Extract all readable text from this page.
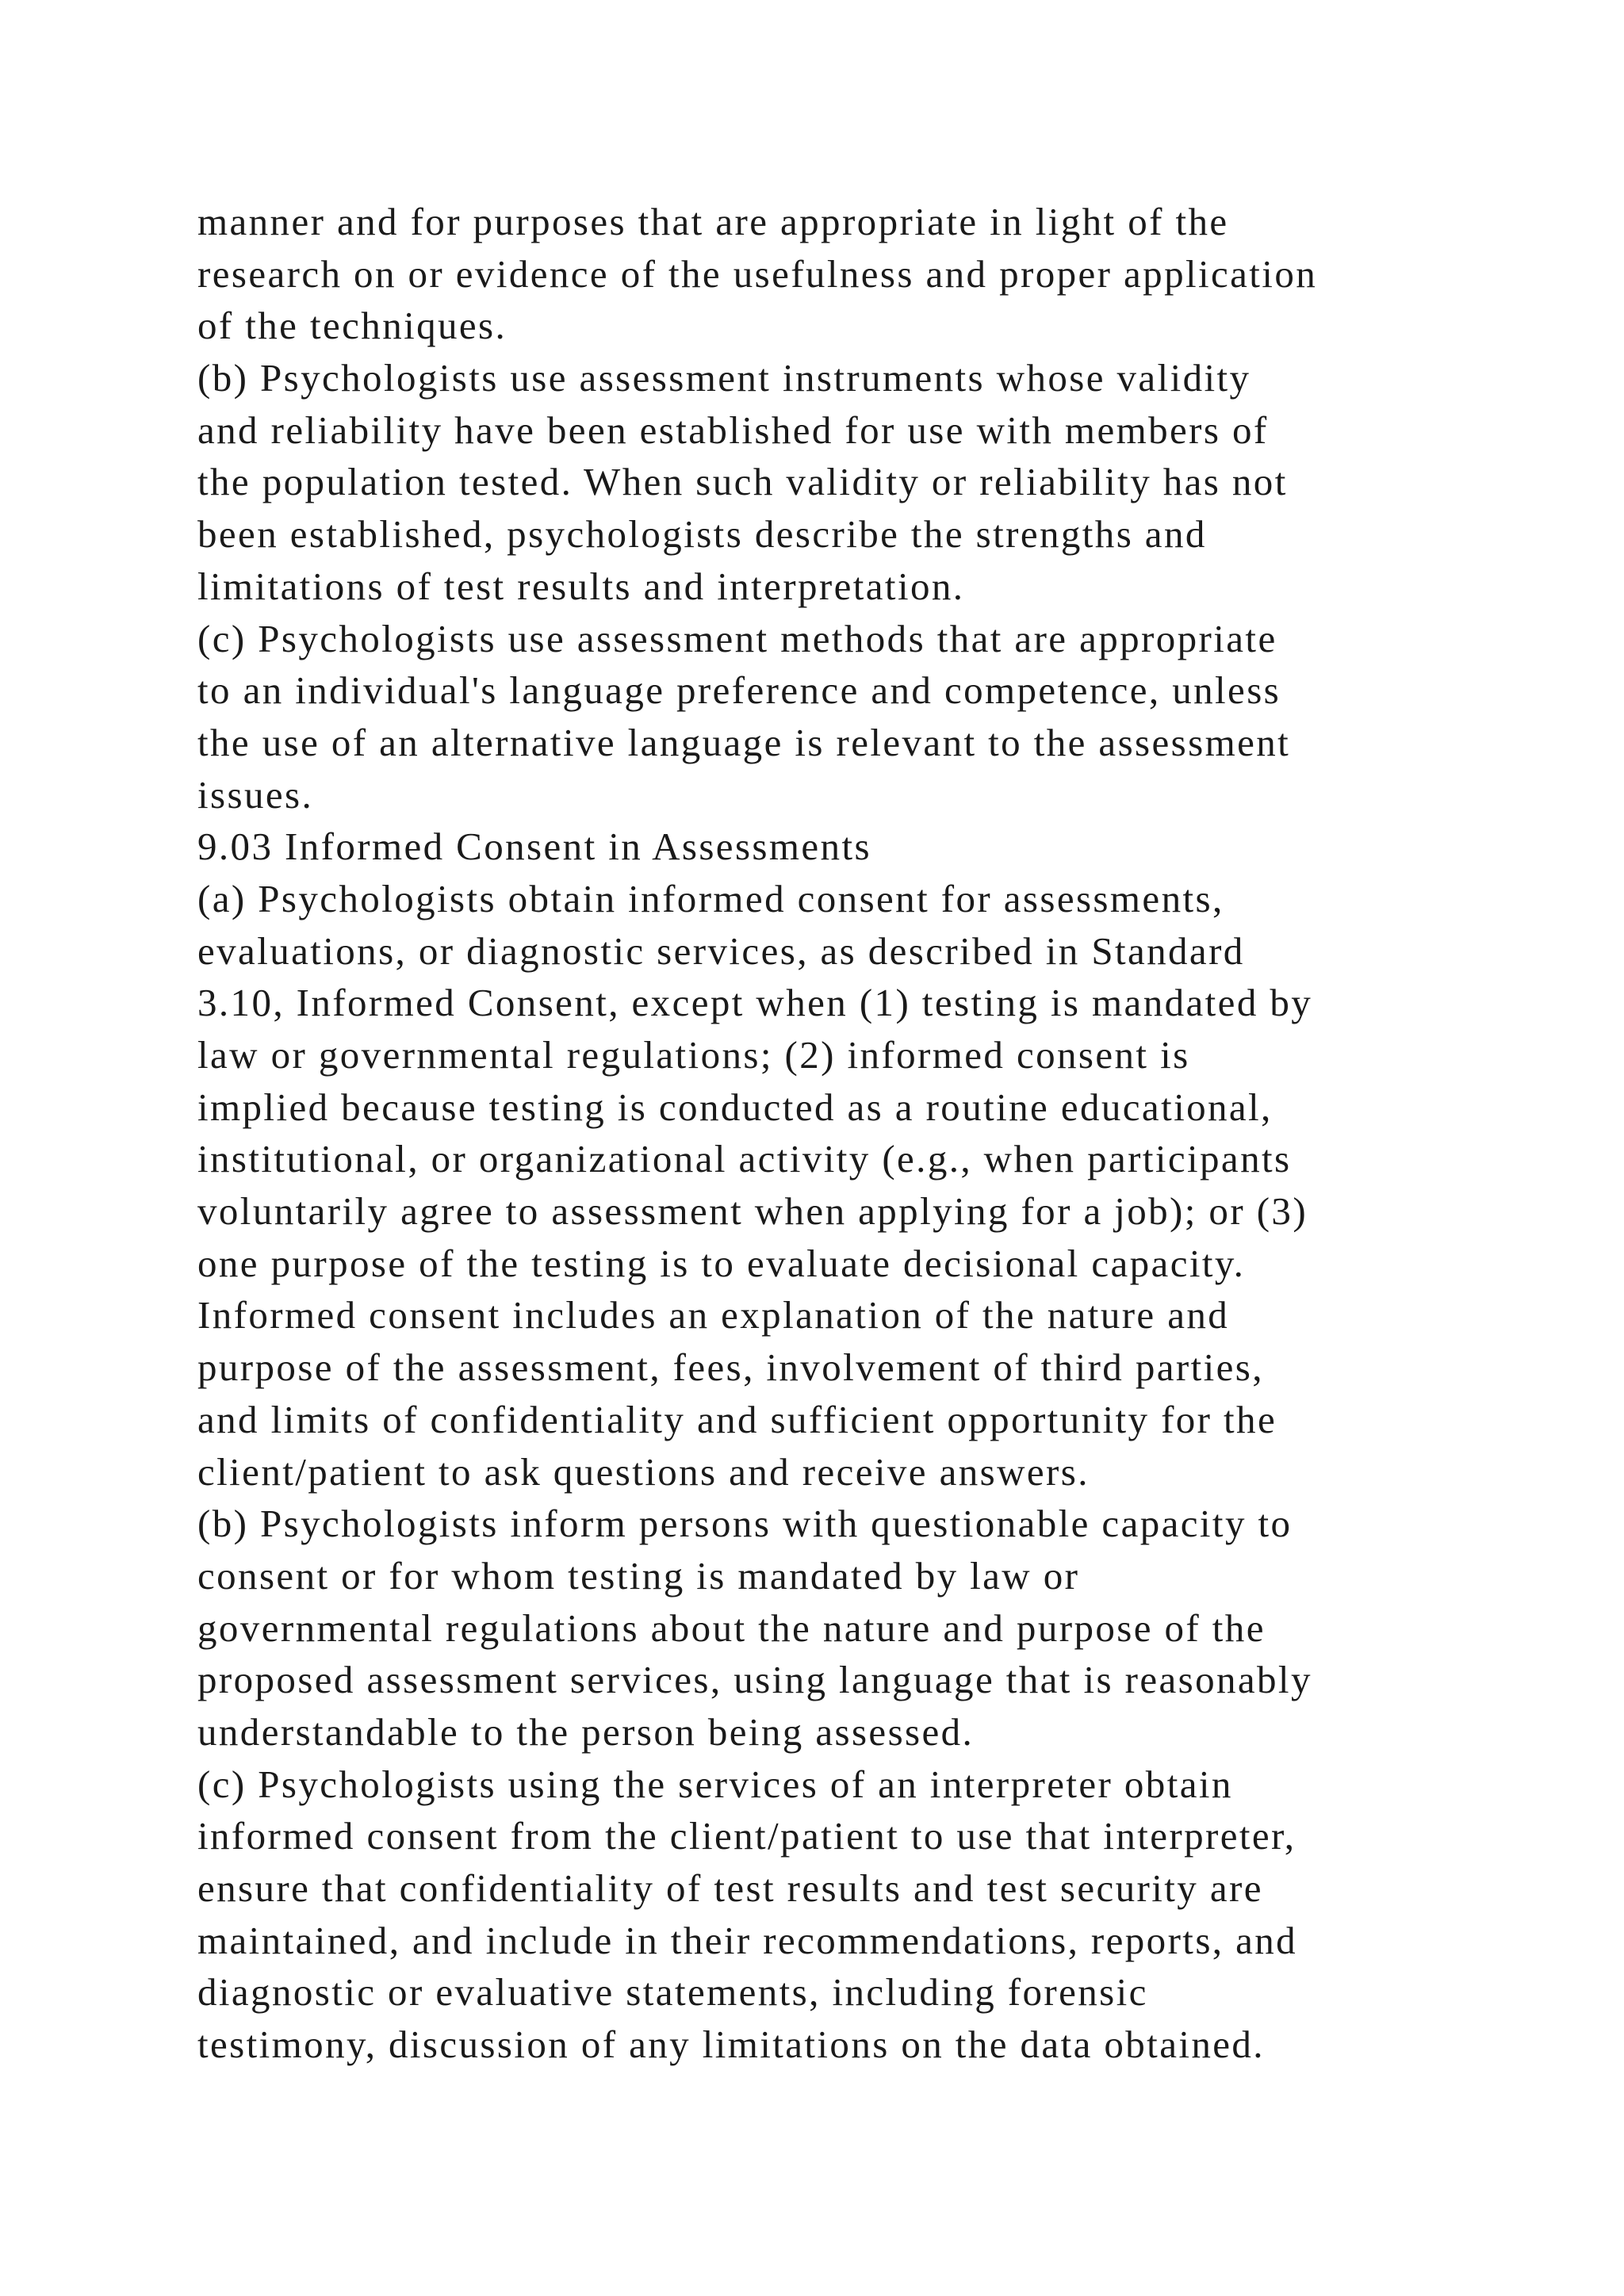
manner and for purposes that are appropriate in light of the
research on or evidence of the usefulness and proper application
of the techniques.
(b) Psychologists use assessment instruments whose validity
and reliability have been established for use with members of
the population tested. When such validity or reliability has not
been established, psychologists describe the strengths and
limitations of test results and interpretation.
(c) Psychologists use assessment methods that are appropriate
to an individual's language preference and competence, unless
the use of an alternative language is relevant to the assessment
issues.
9.03 Informed Consent in Assessments
(a) Psychologists obtain informed consent for assessments,
evaluations, or diagnostic services, as described in Standard
3.10, Informed Consent, except when (1) testing is mandated by
law or governmental regulations; (2) informed consent is
implied because testing is conducted as a routine educational,
institutional, or organizational activity (e.g., when participants
voluntarily agree to assessment when applying for a job); or (3)
one purpose of the testing is to evaluate decisional capacity.
Informed consent includes an explanation of the nature and
purpose of the assessment, fees, involvement of third parties,
and limits of confidentiality and sufficient opportunity for the
client/patient to ask questions and receive answers.
(b) Psychologists inform persons with questionable capacity to
consent or for whom testing is mandated by law or
governmental regulations about the nature and purpose of the
proposed assessment services, using language that is reasonably
understandable to the person being assessed.
(c) Psychologists using the services of an interpreter obtain
informed consent from the client/patient to use that interpreter,
ensure that confidentiality of test results and test security are
maintained, and include in their recommendations, reports, and
diagnostic or evaluative statements, including forensic
testimony, discussion of any limitations on the data obtained.
